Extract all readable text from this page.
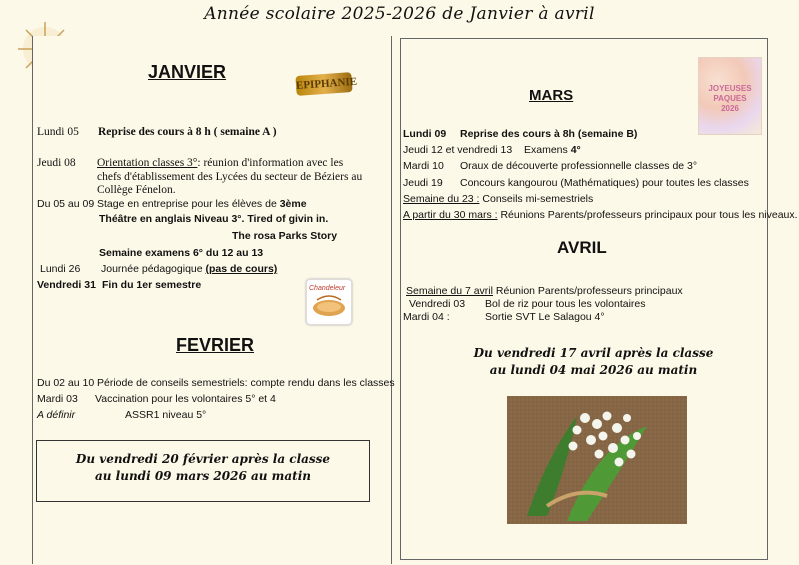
Année scolaire 2025-2026 de Janvier à avril
JANVIER
EPIPHANIE
Lundi 05 Reprise des cours à 8 h ( semaine A )
Jeudi 08 Orientation classes 3°: réunion d'information avec les
chefs d'établissement des Lycées du secteur de Béziers au
Collège Fénelon.
Du 05 au 09 Stage en entreprise pour les élèves de 3ème
Théâtre en anglais Niveau 3°. Tired of givin in.
The rosa Parks Story
Semaine examens 6° du 12 au 13
Lundi 26 Journée pédagogique (pas de cours)
Vendredi 31 Fin du 1er semestre	Chandeleur
FEVRIER
Du 02 au 10 Période de conseils semestriels: compte rendu dans les classes
Mardi 03 Vaccination pour les volontaires 5° et 4
A définir	ASSR1 niveau 5°
Du vendredi 20 février après la classe
au lundi 09 mars 2026 au matin
MARS	JOYEUSES
PAQUES
2026
Lundi 09 Reprise des cours à 8h (semaine B)
Jeudi 12 et vendredi 13 Examens 4°
Mardi 10 Oraux de découverte professionnelle classes de 3°
Jeudi 19 Concours kangourou (Mathématiques) pour toutes les classes
Semaine du 23 : Conseils mi-semestriels
A partir du 30 mars : Réunions Parents/professeurs principaux pour tous les niveaux.
AVRIL
Semaine du 7 avril Réunion Parents/professeurs principaux
Vendredi 03 Bol de riz pour tous les volontaires
Mardi 04 :	Sortie SVT Le Salagou 4°
Du vendredi 17 avril après la classe
au lundi 04 mai 2026 au matin
